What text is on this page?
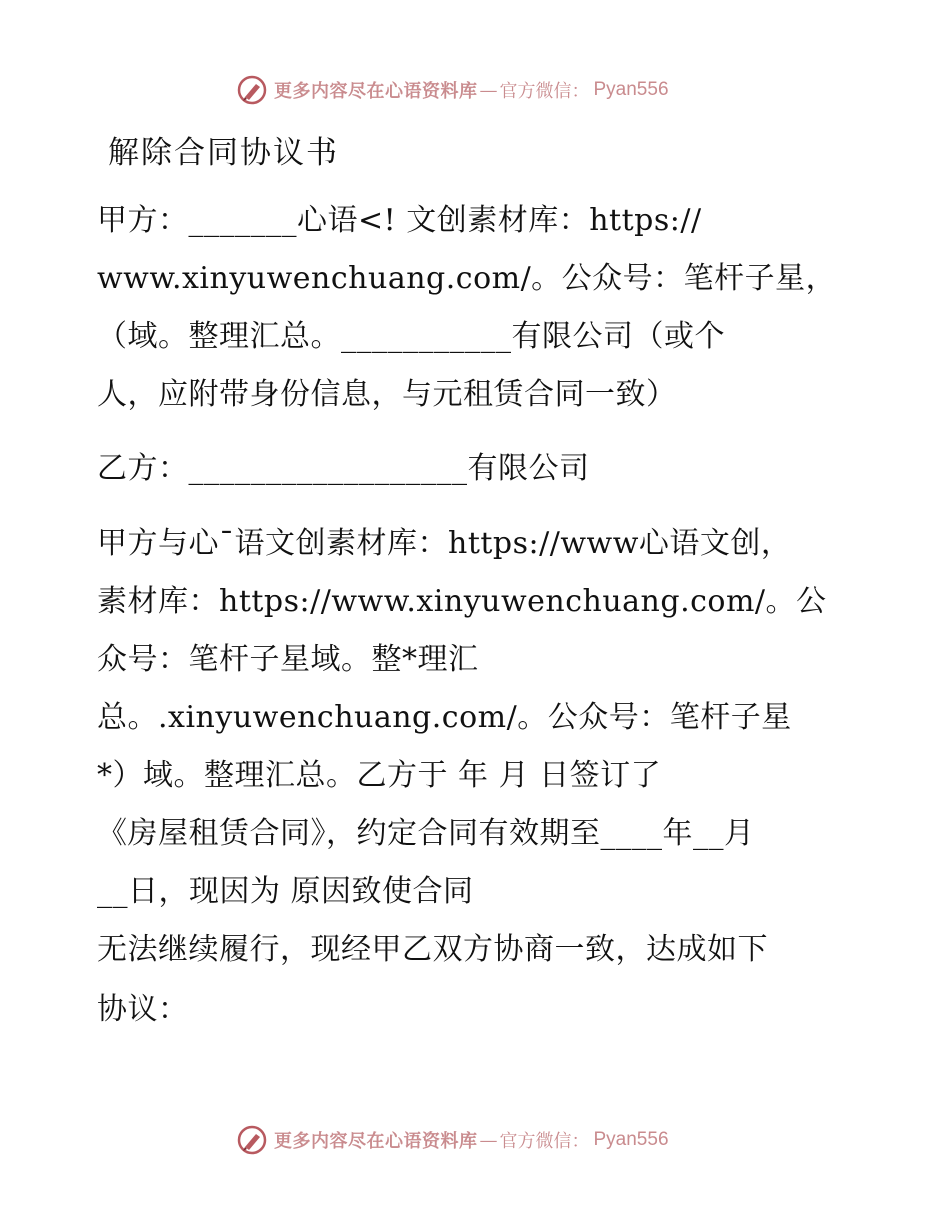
更多内容尽在心语资料库 — 官方微信： Pyan556
解除合同协议书
甲方：_______心语<! 文创素材库：https://
www.xinyuwenchuang.com/。公众号：笔杆子星，
（域。整理汇总。___________有限公司（或个
人，应附带身份信息，与元租赁合同一致）
乙方：__________________有限公司
甲方与心¯语文创素材库：https://www心语文创，
素材库：https://www.xinyuwenchuang.com/。公
众号：笔杆子星域。整*理汇
总。.xinyuwenchuang.com/。公众号：笔杆子星
*）域。整理汇总。乙方于 年 月 日签订了
《房屋租赁合同》，约定合同有效期至____年__月
__日，现因为 原因致使合同
无法继续履行，现经甲乙双方协商一致，达成如下
协议：
更多内容尽在心语资料库 — 官方微信： Pyan556
